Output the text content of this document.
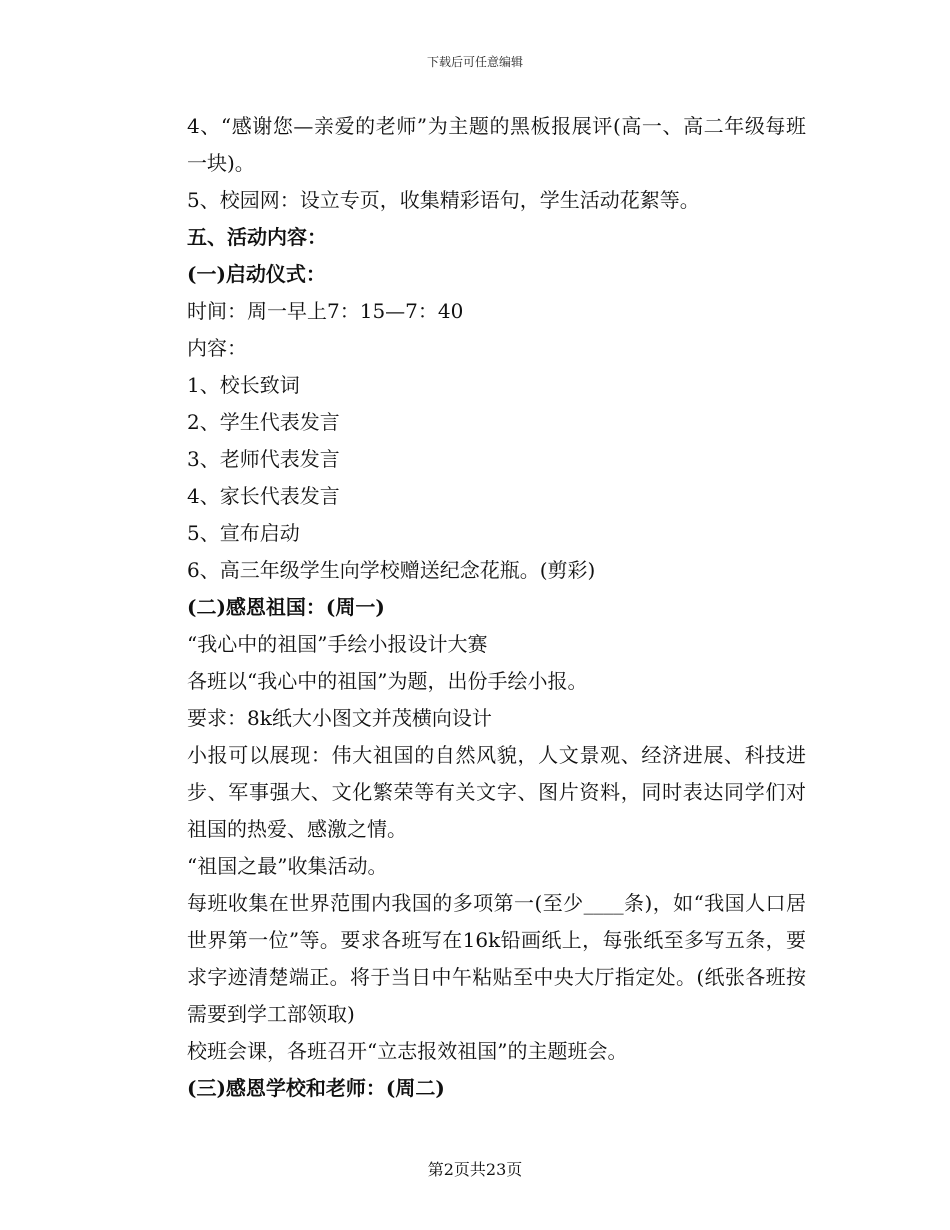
下载后可任意编辑

4、“感谢您—亲爱的老师”为主题的黑板报展评(高一、高二年级每班一块)。

5、校园网：设立专页，收集精彩语句，学生活动花絮等。

五、活动内容：

(一)启动仪式：

时间：周一早上7：15—7：40

内容：

1、校长致词

2、学生代表发言

3、老师代表发言

4、家长代表发言

5、宣布启动

6、高三年级学生向学校赠送纪念花瓶。(剪彩)

(二)感恩祖国：(周一)

“我心中的祖国”手绘小报设计大赛

各班以“我心中的祖国”为题，出份手绘小报。

要求：8k纸大小图文并茂横向设计

小报可以展现：伟大祖国的自然风貌，人文景观、经济进展、科技进步、军事强大、文化繁荣等有关文字、图片资料，同时表达同学们对祖国的热爱、感激之情。

“祖国之最”收集活动。

每班收集在世界范围内我国的多项第一(至少____条)，如“我国人口居世界第一位”等。要求各班写在16k铅画纸上，每张纸至多写五条，要求字迹清楚端正。将于当日中午粘贴至中央大厅指定处。(纸张各班按需要到学工部领取)

校班会课，各班召开“立志报效祖国”的主题班会。

(三)感恩学校和老师：(周二)

第2页共23页
